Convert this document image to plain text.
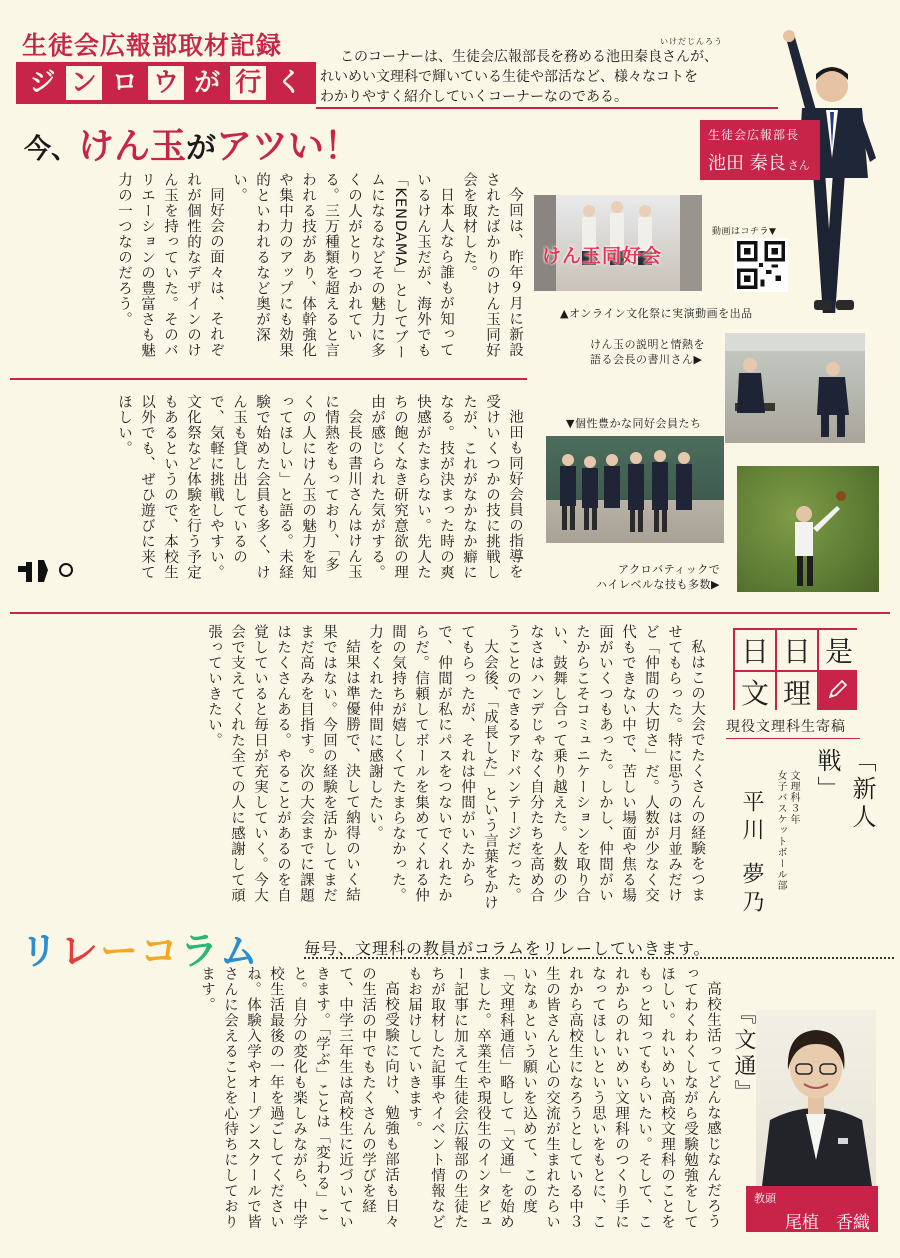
生徒会広報部取材記録
ジ ン ロ ウ が 行 く
いけだじんろう
このコーナーは、生徒会広報部長を務める池田秦良さんが、
れいめい文理科で輝いている生徒や部活など、様々なコトを
わかりやすく紹介していくコーナーなのである。
生徒会広報部長
池田 秦良 さん
今、けん玉がアツい！

今回は、昨年９月に新設されたばかりのけん玉同好会を取材した。

日本人なら誰もが知っているけん玉だが、海外でも「KENDAMA」としてブームになるなどその魅力に多くの人がとりつかれている。三万種類を超えると言われる技があり、体幹強化や集中力のアップにも効果的といわれるなど奥が深い。

同好会の面々は、それぞれが個性的なデザインのけん玉を持っていた。そのバリエーションの豊富さも魅力の一つなのだろう。

池田も同好会員の指導を受けいくつかの技に挑戦したが、これがなかなか癖になる。技が決まった時の爽快感がたまらない。先人たちの飽くなき研究意欲の理由が感じられた気がする。

会長の書川さんはけん玉に情熱をもっており、「多くの人にけん玉の魅力を知ってほしい」と語る。未経験で始めた会員も多く、けん玉も貸し出しているので、気軽に挑戦しやすい。文化祭など体験を行う予定もあるというので、本校生以外でも、ぜひ遊びに来てほしい。

けん玉同好会
動画はコチラ▼
▲オンライン文化祭に実演動画を出品
けん玉の説明と情熱を
語る会長の書川さん▶
▼個性豊かな同好会員たち
アクロバティックで
ハイレベルな技も多数▶

私はこの大会でたくさんの経験をつませてもらった。特に思うのは月並みだけど「仲間の大切さ」だ。人数が少なく交代もできない中で、苦しい場面や焦る場面がいくつもあった。しかし、仲間がいたからこそコミュニケーションを取り合い、鼓舞し合って乗り越えた。人数の少なさはハンデじゃなく自分たちを高め合うことのできるアドバンテージだった。

大会後、「成長した」という言葉をかけてもらったが、それは仲間がいたからで、仲間が私にパスをつないでくれたからだ。信頼してボールを集めてくれる仲間の気持ちが嬉しくてたまらなかった。力をくれた仲間に感謝したい。

結果は準優勝で、決して納得のいく結果ではない。今回の経験を活かしてまだまだ高みを目指す。次の大会までに課題はたくさんある。やることがあるのを自覚していると毎日が充実していく。今大会で支えてくれた全ての人に感謝して頑張っていきたい。	日 日 是
文 理
現役文理科生寄稿
「新人戦」
文理科３年
女子バスケットボール部
平川
夢乃
リレーコラム	毎号、文理科の教員がコラムをリレーしていきます。

高校生活ってどんな感じなんだろうってわくわくしながら受験勉強をしてほしい。れいめい高校文理科のことをもっと知ってもらいたい。そして、これからのれいめい文理科のつくり手になってほしいという思いをもとに、これから高校生になろうとしている中３生の皆さんと心の交流が生まれたらいいなぁという願いを込めて、この度「文理科通信」略して「文通」を始めました。卒業生や現役生のインタビュー記事に加えて生徒会広報部の生徒たちが取材した記事やイベント情報などもお届けしていきます。

高校受験に向け、勉強も部活も日々の生活の中でもたくさんの学びを経て、中学三年生は高校生に近づいていきます。「学ぶ」ことは「変わる」こと。自分の変化も楽しみながら、中学校生活最後の一年を過ごしてくださいね。体験入学やオープンスクールで皆さんに会えることを心待ちにしております。

『文通』
教頭
尾植　香織
